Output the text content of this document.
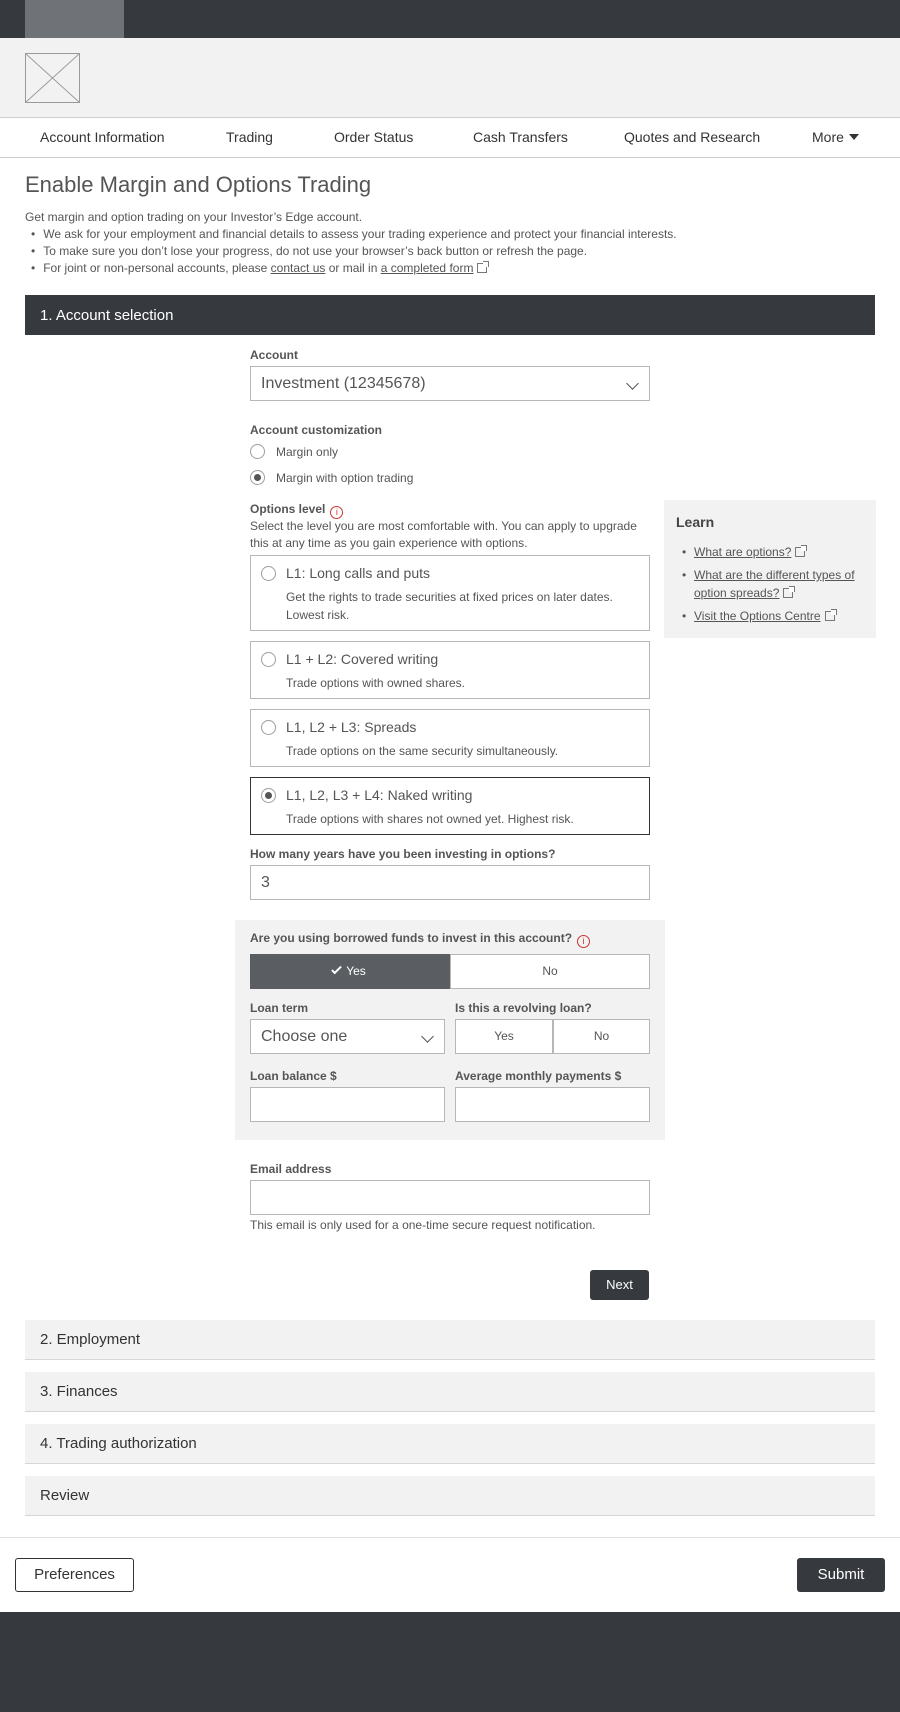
Account Information	Trading	Order Status	Cash Transfers	Quotes and Research	More
Enable Margin and Options Trading
Get margin and option trading on your Investor’s Edge account.
• We ask for your employment and financial details to assess your trading experience and protect your financial interests.
• To make sure you don’t lose your progress, do not use your browser’s back button or refresh the page.
• For joint or non-personal accounts, please contact us or mail in a completed form
1. Account selection
Account
Investment (12345678)
Account customization
Margin only
Margin with option trading
Options level i
Select the level you are most comfortable with. You can apply to upgrade this at any time as you gain experience with options.
L1: Long calls and puts
Get the rights to trade securities at fixed prices on later dates. Lowest risk.
L1 + L2: Covered writing
Trade options with owned shares.
L1, L2 + L3: Spreads
Trade options on the same security simultaneously.
L1, L2, L3 + L4: Naked writing
Trade options with shares not owned yet. Highest risk.
Learn
• What are options?
• What are the different types of option spreads?
• Visit the Options Centre
How many years have you been investing in options?
3
Are you using borrowed funds to invest in this account? i
Yes	No
Loan term
Choose one
Is this a revolving loan?
Yes	No
Loan balance $	Average monthly payments $
Email address
This email is only used for a one-time secure request notification.
Next
2. Employment
3. Finances
4. Trading authorization
Review
Preferences	Submit
